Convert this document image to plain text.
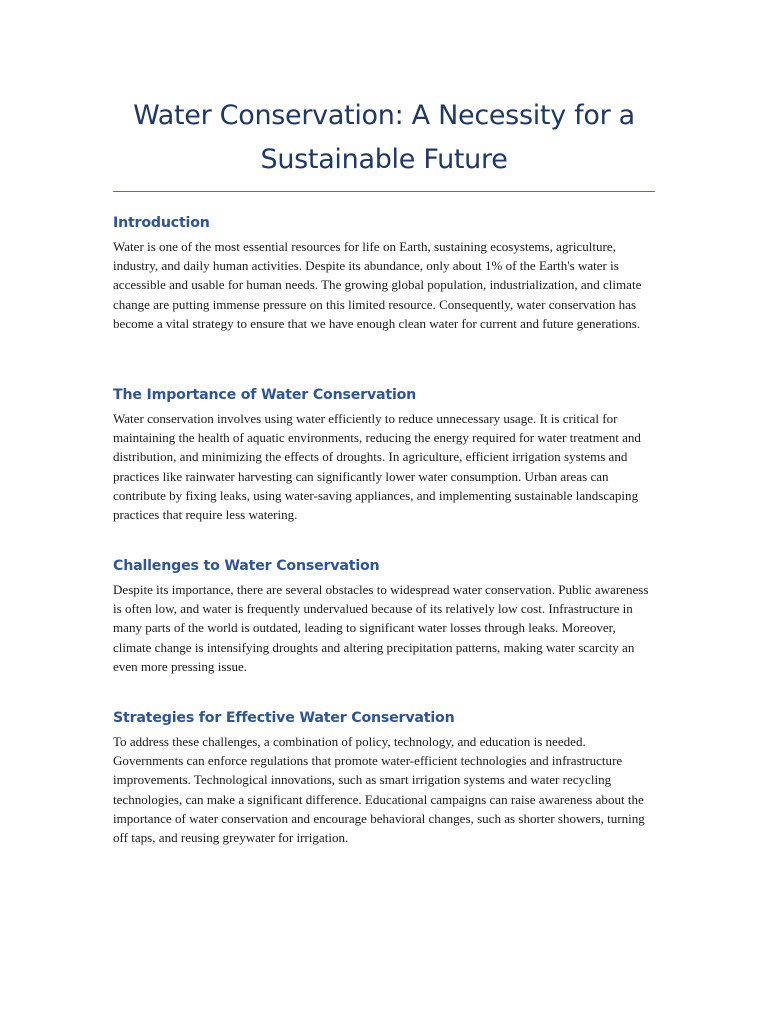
Water Conservation: A Necessity for a Sustainable Future
Introduction

Water is one of the most essential resources for life on Earth, sustaining ecosystems, agriculture, industry, and daily human activities. Despite its abundance, only about 1% of the Earth's water is accessible and usable for human needs. The growing global population, industrialization, and climate change are putting immense pressure on this limited resource. Consequently, water conservation has become a vital strategy to ensure that we have enough clean water for current and future generations.

The Importance of Water Conservation

Water conservation involves using water efficiently to reduce unnecessary usage. It is critical for maintaining the health of aquatic environments, reducing the energy required for water treatment and distribution, and minimizing the effects of droughts. In agriculture, efficient irrigation systems and practices like rainwater harvesting can significantly lower water consumption. Urban areas can contribute by fixing leaks, using water-saving appliances, and implementing sustainable landscaping practices that require less watering.

Challenges to Water Conservation

Despite its importance, there are several obstacles to widespread water conservation. Public awareness is often low, and water is frequently undervalued because of its relatively low cost. Infrastructure in many parts of the world is outdated, leading to significant water losses through leaks. Moreover, climate change is intensifying droughts and altering precipitation patterns, making water scarcity an even more pressing issue.

Strategies for Effective Water Conservation

To address these challenges, a combination of policy, technology, and education is needed. Governments can enforce regulations that promote water-efficient technologies and infrastructure improvements. Technological innovations, such as smart irrigation systems and water recycling technologies, can make a significant difference. Educational campaigns can raise awareness about the importance of water conservation and encourage behavioral changes, such as shorter showers, turning off taps, and reusing greywater for irrigation.
